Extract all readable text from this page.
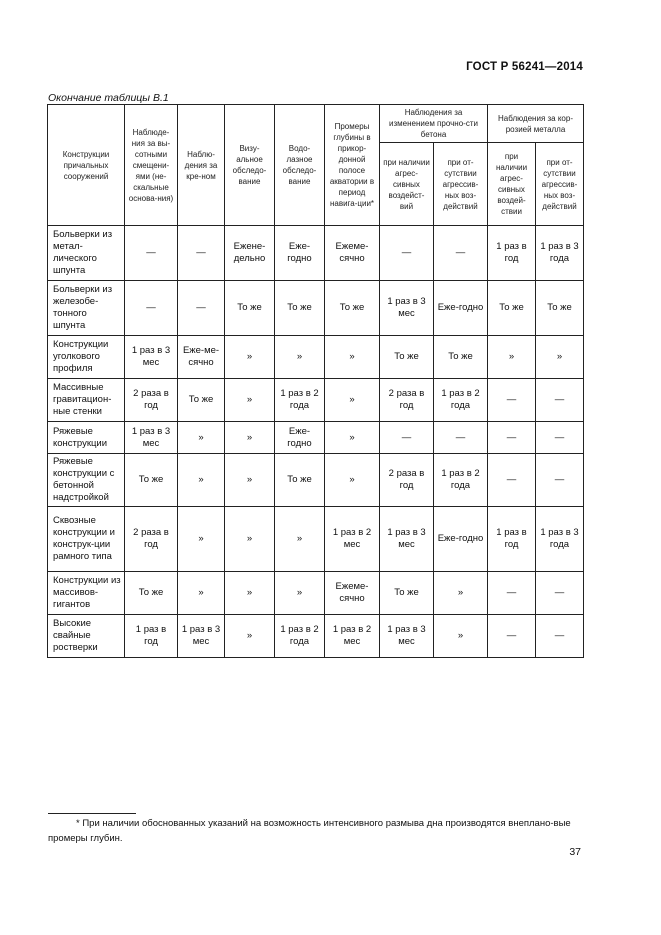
ГОСТ Р 56241—2014
Окончание таблицы В.1
Конструкции причальных сооружений	Наблюде-ния за вы-сотными смещени-ями (не-скальные основа-ния)	Наблю-дения за кре-ном	Визу-альное обследо-вание	Водо-лазное обследо-вание	Промеры глубины в прикор-донной полосе акватории в период навига-ции*	Наблюдения за изменением прочно-сти бетона		Наблюдения за кор-розией металла	
						при наличии агрес-сивных воздейст-вий	при от-сутствии агрессив-ных воз-действий	при наличии агрес-сивных воздей-ствии	при от-сутствии агрессив-ных воз-действий
Больверки из метал-лического шпунта	—	—	Ежене-дельно	Еже-годно	Ежеме-сячно	—	—	1 раз в год	1 раз в 3 года
Больверки из железобе-тонного шпунта	—	—	То же	То же	То же	1 раз в 3 мес	Еже-годно	То же	То же
Конструкции уголкового профиля	1 раз в 3 мес	Еже-ме-сячно	»	»	»	То же	То же	»	»
Массивные гравитацион-ные стенки	2 раза в год	То же	»	1 раз в 2 года	»	2 раза в год	1 раз в 2 года	—	—
Ряжевые конструкции	1 раз в 3 мес	»	»	Еже-годно	»	—	—	—	—
Ряжевые конструкции с бетонной надстройкой	То же	»	»	То же	»	2 раза в год	1 раз в 2 года	—	—
Сквозные конструкции и конструк-ции рамного типа	2 раза в год	»	»	»	1 раз в 2 мес	1 раз в 3 мес	Еже-годно	1 раз в год	1 раз в 3 года
Конструкции из массивов-гигантов	То же	»	»	»	Ежеме-сячно	То же	»	—	—
Высокие свайные ростверки	1 раз в год	1 раз в 3 мес	»	1 раз в 2 года	1 раз в 2 мес	1 раз в 3 мес	»	—	—
* При наличии обоснованных указаний на возможность интенсивного размыва дна производятся внеплано-вые промеры глубин.
37
